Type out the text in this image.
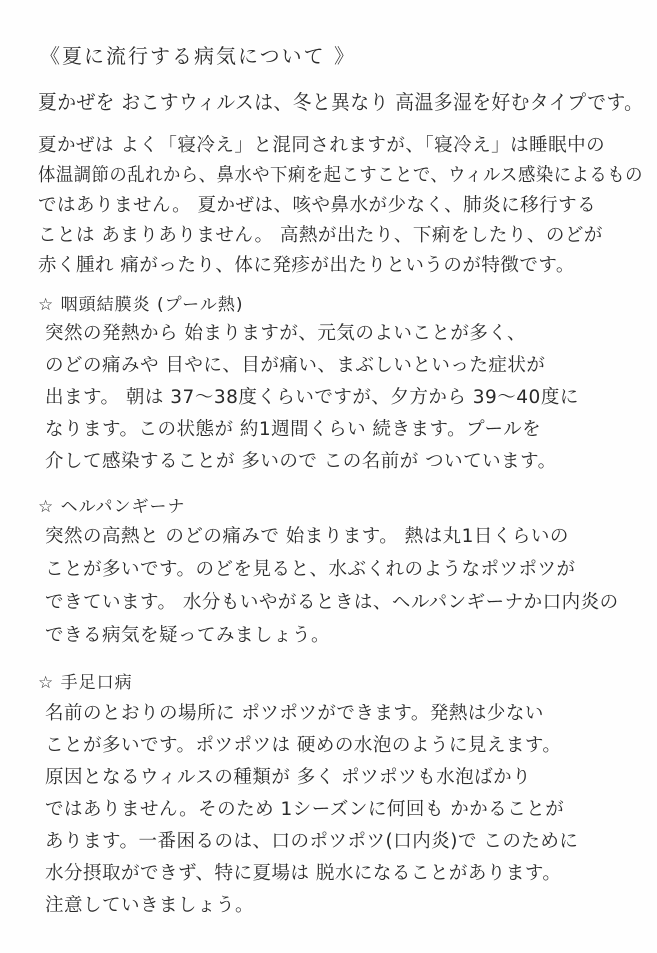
《夏に流行する病気について 》
夏かぜを おこすウィルスは、冬と異なり 高温多湿を好むタイプです。
夏かぜは よく「寝冷え」と混同されますが、「寝冷え」は睡眠中の
体温調節の乱れから、鼻水や下痢を起こすことで、ウィルス感染によるもの
ではありません。 夏かぜは、咳や鼻水が少なく、肺炎に移行する
ことは あまりありません。 高熱が出たり、下痢をしたり、のどが
赤く腫れ 痛がったり、体に発疹が出たりというのが特徴です。
☆ 咽頭結膜炎 (プール熱)
突然の発熱から 始まりますが、元気のよいことが多く、
のどの痛みや 目やに、目が痛い、まぶしいといった症状が
出ます。 朝は 37～38度くらいですが、夕方から 39～40度に
なります。この状態が 約1週間くらい 続きます。プールを
介して感染することが 多いので この名前が ついています。
☆ ヘルパンギーナ
突然の高熱と のどの痛みで 始まります。 熱は丸1日くらいの
ことが多いです。のどを見ると、水ぶくれのようなポツポツが
できています。 水分もいやがるときは、ヘルパンギーナか口内炎の
できる病気を疑ってみましょう。
☆ 手足口病
名前のとおりの場所に ポツポツができます。発熱は少ない
ことが多いです。ポツポツは 硬めの水泡のように見えます。
原因となるウィルスの種類が 多く ポツポツも水泡ばかり
ではありません。そのため 1シーズンに何回も かかることが
あります。一番困るのは、口のポツポツ(口内炎)で このために
水分摂取ができず、特に夏場は 脱水になることがあります。
注意していきましょう。
